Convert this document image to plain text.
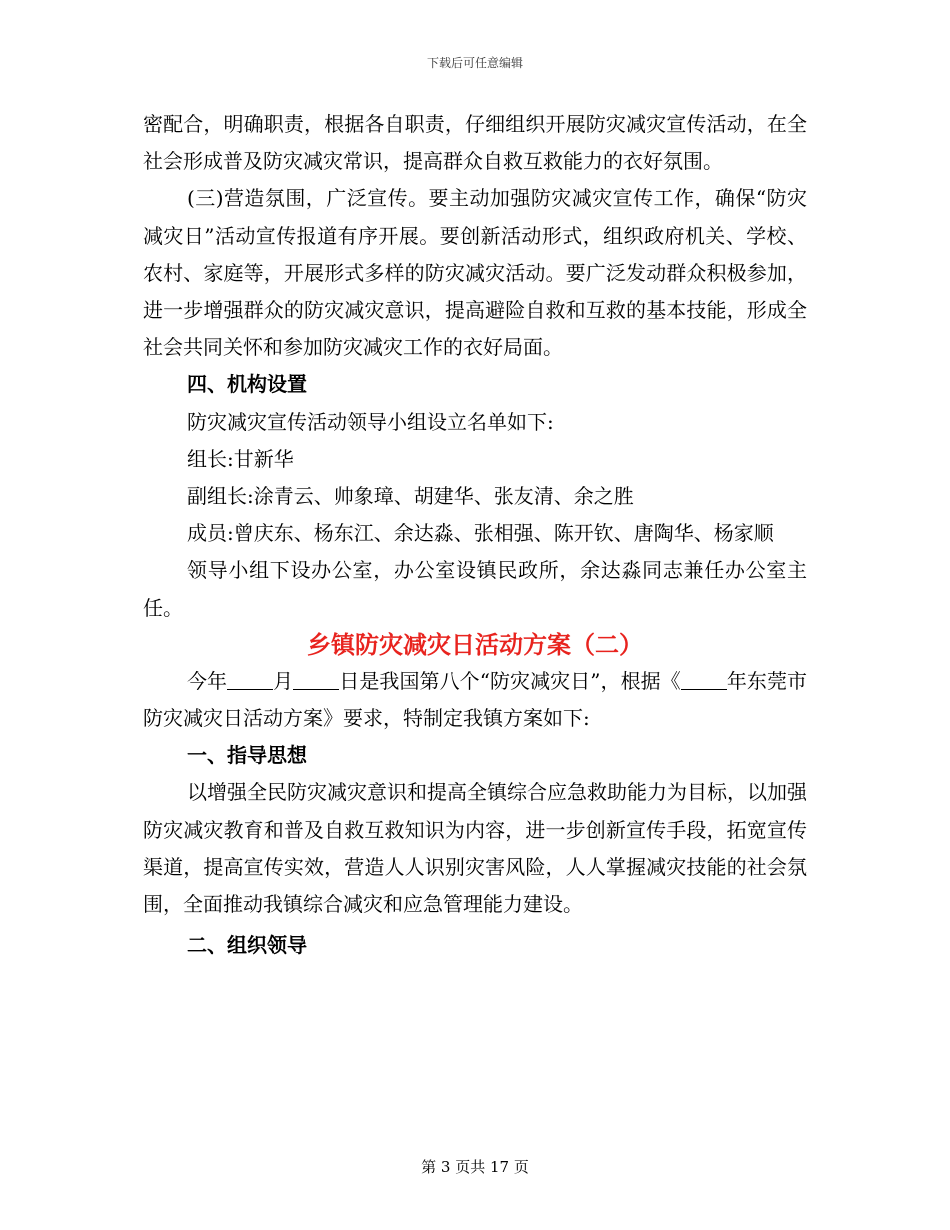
下载后可任意编辑

密配合，明确职责，根据各自职责，仔细组织开展防灾减灾宣传活动，在全社会形成普及防灾减灾常识，提高群众自救互救能力的衣好氛围。

(三)营造氛围，广泛宣传。要主动加强防灾减灾宣传工作，确保“防灾减灾日”活动宣传报道有序开展。要创新活动形式，组织政府机关、学校、农村、家庭等，开展形式多样的防灾减灾活动。要广泛发动群众积极参加，进一步增强群众的防灾减灾意识，提高避险自救和互救的基本技能，形成全社会共同关怀和参加防灾减灾工作的衣好局面。

四、机构设置

防灾减灾宣传活动领导小组设立名单如下:

组长:甘新华

副组长:涂青云、帅象璋、胡建华、张友清、余之胜

成员:曾庆东、杨东江、余达淼、张相强、陈开钦、唐陶华、杨家顺

领导小组下设办公室，办公室设镇民政所，余达淼同志兼任办公室主任。

乡镇防灾减灾日活动方案（二）

今年 月 日是我国第八个“防灾减灾日”，根据《 年东莞市防灾减灾日活动方案》要求，特制定我镇方案如下:

一、指导思想

以增强全民防灾减灾意识和提高全镇综合应急救助能力为目标，以加强防灾减灾教育和普及自救互救知识为内容，进一步创新宣传手段，拓宽宣传渠道，提高宣传实效，营造人人识别灾害风险，人人掌握减灾技能的社会氛围，全面推动我镇综合减灾和应急管理能力建设。

二、组织领导

第 3 页共 17 页
